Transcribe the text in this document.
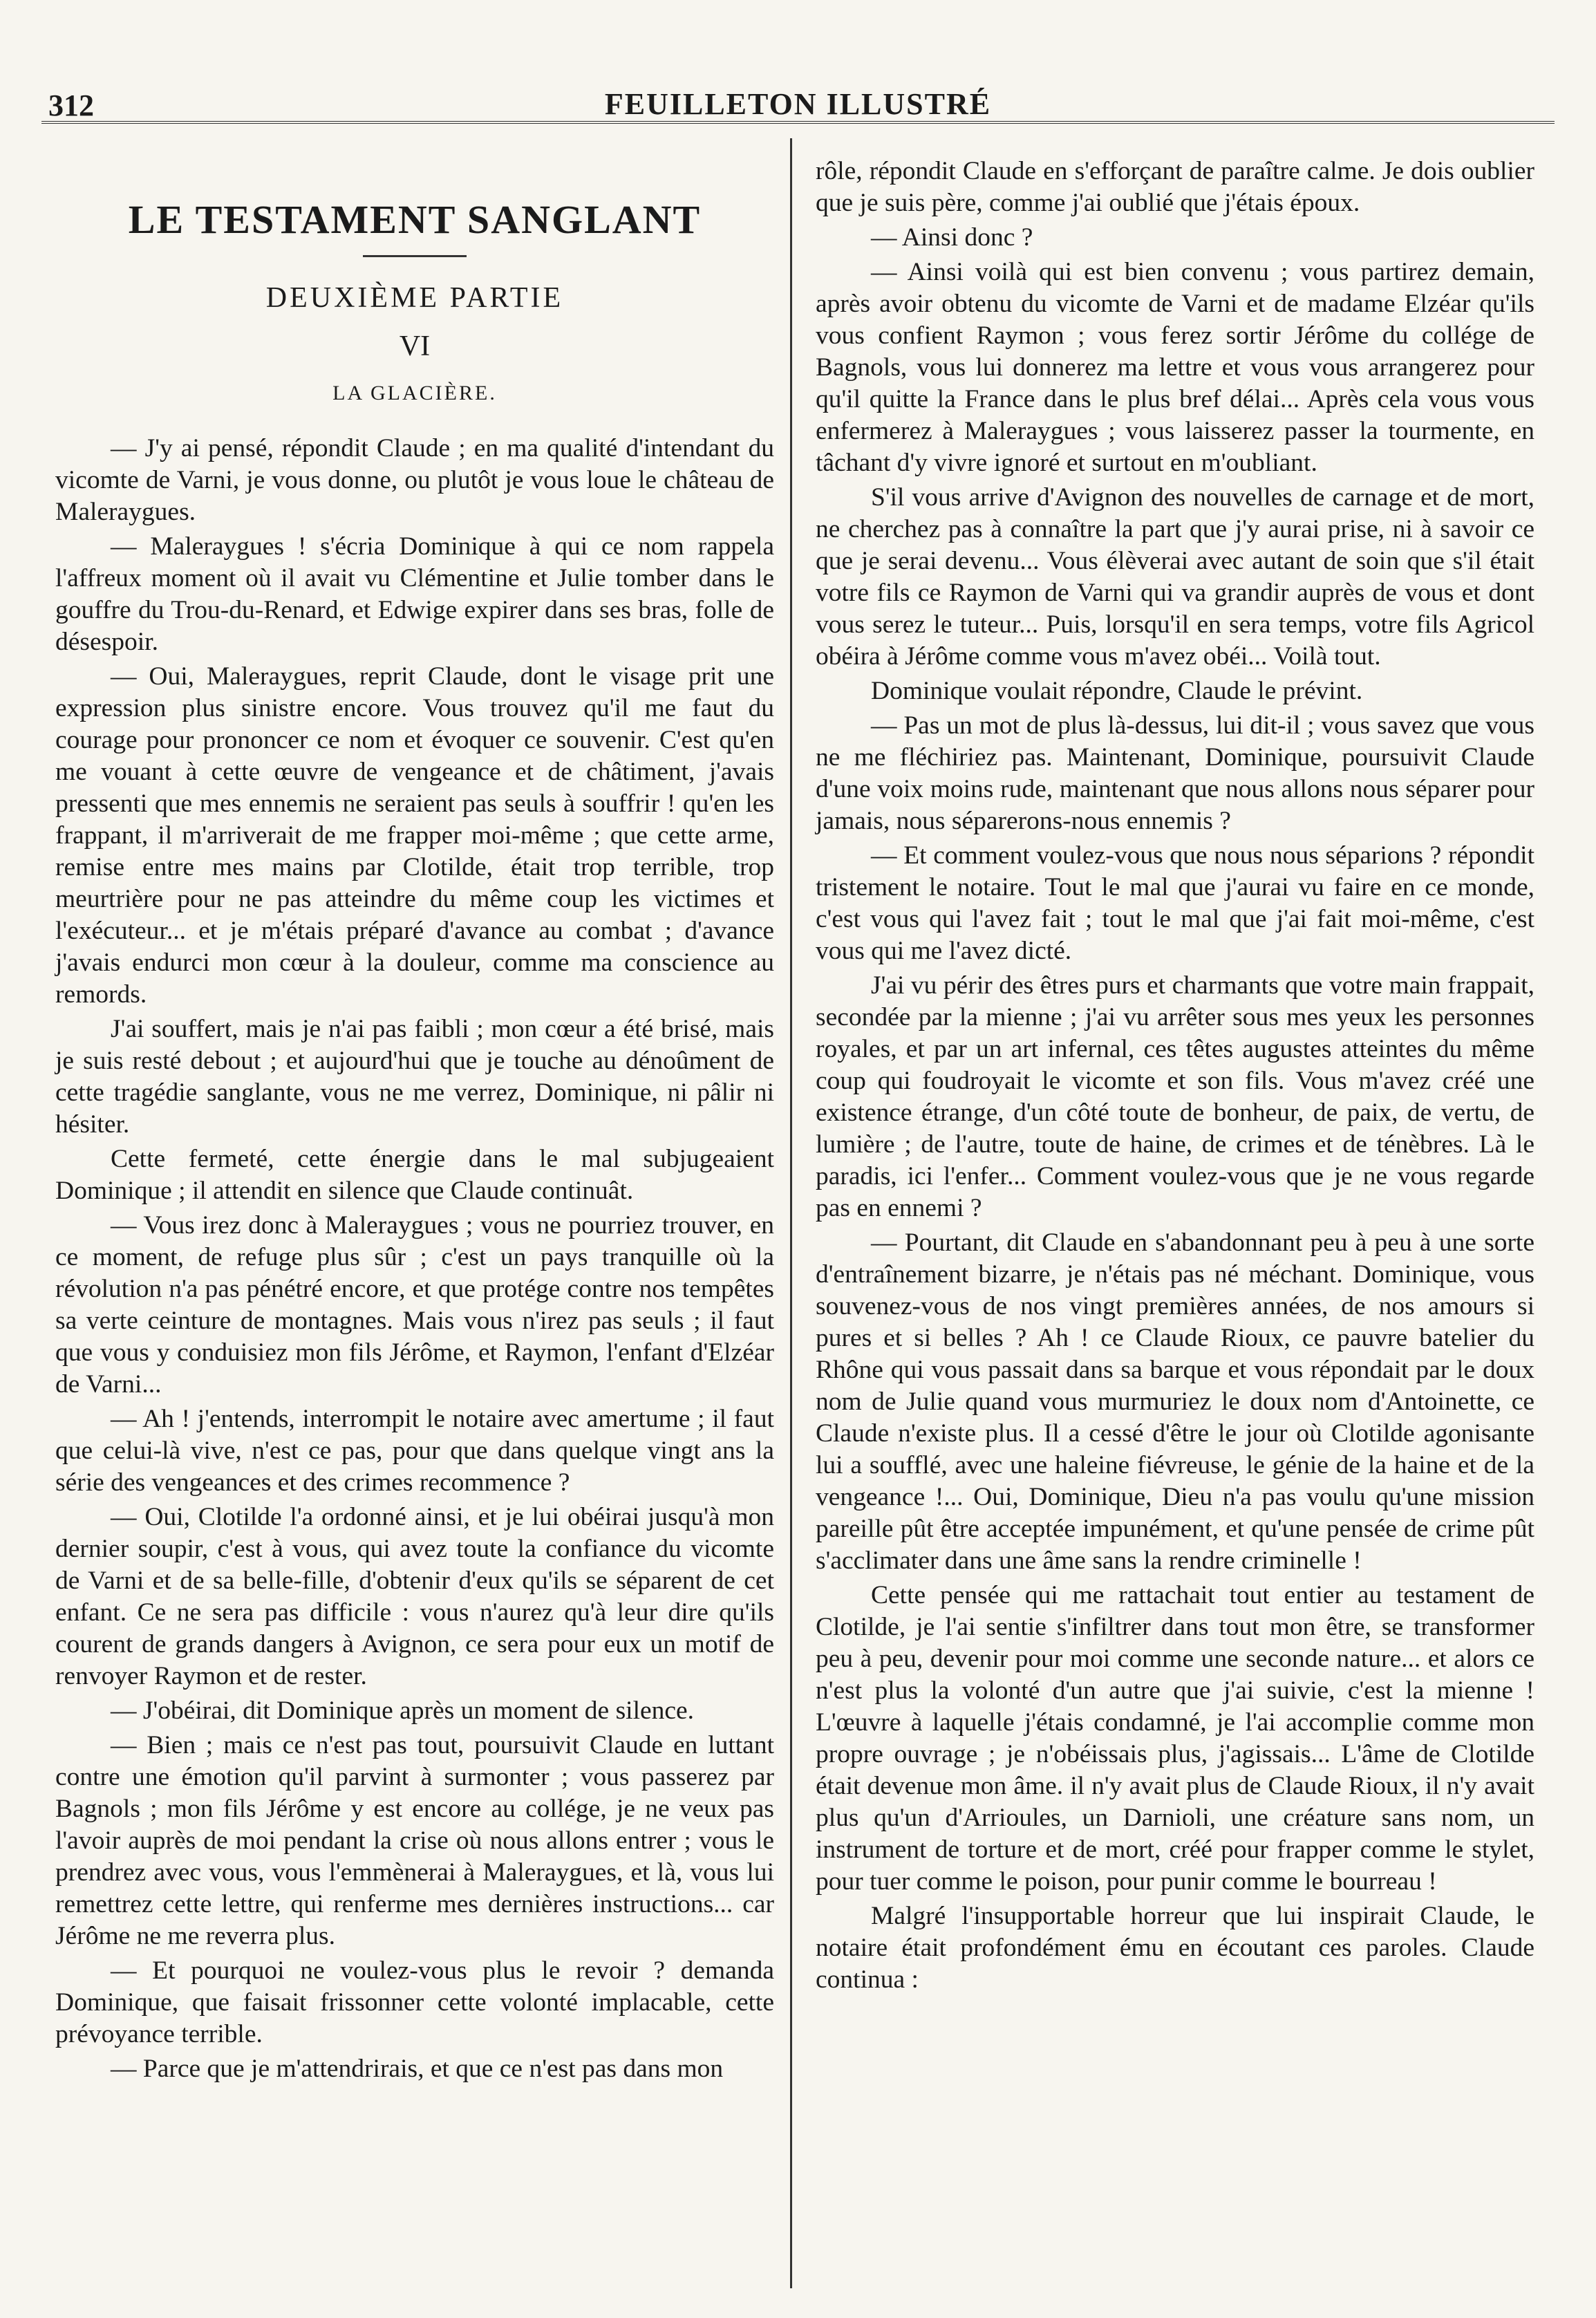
312	FEUILLETON ILLUSTRÉ
LE TESTAMENT SANGLANT
DEUXIÈME PARTIE
VI
LA GLACIÈRE.

— J'y ai pensé, répondit Claude ; en ma qualité d'intendant du vicomte de Varni, je vous donne, ou plutôt je vous loue le château de Maleraygues.

— Maleraygues ! s'écria Dominique à qui ce nom rappela l'affreux moment où il avait vu Clémentine et Julie tomber dans le gouffre du Trou-du-Renard, et Edwige expirer dans ses bras, folle de désespoir.

— Oui, Maleraygues, reprit Claude, dont le visage prit une expression plus sinistre encore. Vous trouvez qu'il me faut du courage pour prononcer ce nom et évoquer ce souvenir. C'est qu'en me vouant à cette œuvre de vengeance et de châtiment, j'avais pressenti que mes ennemis ne seraient pas seuls à souffrir ! qu'en les frappant, il m'arriverait de me frapper moi-même ; que cette arme, remise entre mes mains par Clotilde, était trop terrible, trop meurtrière pour ne pas atteindre du même coup les victimes et l'exécuteur... et je m'étais préparé d'avance au combat ; d'avance j'avais endurci mon cœur à la douleur, comme ma conscience au remords.

J'ai souffert, mais je n'ai pas faibli ; mon cœur a été brisé, mais je suis resté debout ; et aujourd'hui que je touche au dénoûment de cette tragédie sanglante, vous ne me verrez, Dominique, ni pâlir ni hésiter.

Cette fermeté, cette énergie dans le mal subjugeaient Dominique ; il attendit en silence que Claude continuât.

— Vous irez donc à Maleraygues ; vous ne pourriez trouver, en ce moment, de refuge plus sûr ; c'est un pays tranquille où la révolution n'a pas pénétré encore, et que protége contre nos tempêtes sa verte ceinture de montagnes. Mais vous n'irez pas seuls ; il faut que vous y conduisiez mon fils Jérôme, et Raymon, l'enfant d'Elzéar de Varni...

— Ah ! j'entends, interrompit le notaire avec amertume ; il faut que celui-là vive, n'est ce pas, pour que dans quelque vingt ans la série des vengeances et des crimes recommence ?

— Oui, Clotilde l'a ordonné ainsi, et je lui obéirai jusqu'à mon dernier soupir, c'est à vous, qui avez toute la confiance du vicomte de Varni et de sa belle-fille, d'obtenir d'eux qu'ils se séparent de cet enfant. Ce ne sera pas difficile : vous n'aurez qu'à leur dire qu'ils courent de grands dangers à Avignon, ce sera pour eux un motif de renvoyer Raymon et de rester.

— J'obéirai, dit Dominique après un moment de silence.

— Bien ; mais ce n'est pas tout, poursuivit Claude en luttant contre une émotion qu'il parvint à surmonter ; vous passerez par Bagnols ; mon fils Jérôme y est encore au collége, je ne veux pas l'avoir auprès de moi pendant la crise où nous allons entrer ; vous le prendrez avec vous, vous l'emmènerai à Maleraygues, et là, vous lui remettrez cette lettre, qui renferme mes dernières instructions... car Jérôme ne me reverra plus.

— Et pourquoi ne voulez-vous plus le revoir ? demanda Dominique, que faisait frissonner cette volonté implacable, cette prévoyance terrible.

— Parce que je m'attendrirais, et que ce n'est pas dans mon

rôle, répondit Claude en s'efforçant de paraître calme. Je dois oublier que je suis père, comme j'ai oublié que j'étais époux.

— Ainsi donc ?

— Ainsi voilà qui est bien convenu ; vous partirez demain, après avoir obtenu du vicomte de Varni et de madame Elzéar qu'ils vous confient Raymon ; vous ferez sortir Jérôme du collége de Bagnols, vous lui donnerez ma lettre et vous vous arrangerez pour qu'il quitte la France dans le plus bref délai... Après cela vous vous enfermerez à Maleraygues ; vous laisserez passer la tourmente, en tâchant d'y vivre ignoré et surtout en m'oubliant.

S'il vous arrive d'Avignon des nouvelles de carnage et de mort, ne cherchez pas à connaître la part que j'y aurai prise, ni à savoir ce que je serai devenu... Vous élèverai avec autant de soin que s'il était votre fils ce Raymon de Varni qui va grandir auprès de vous et dont vous serez le tuteur... Puis, lorsqu'il en sera temps, votre fils Agricol obéira à Jérôme comme vous m'avez obéi... Voilà tout.

Dominique voulait répondre, Claude le prévint.

— Pas un mot de plus là-dessus, lui dit-il ; vous savez que vous ne me fléchiriez pas. Maintenant, Dominique, poursuivit Claude d'une voix moins rude, maintenant que nous allons nous séparer pour jamais, nous séparerons-nous ennemis ?

— Et comment voulez-vous que nous nous séparions ? répondit tristement le notaire. Tout le mal que j'aurai vu faire en ce monde, c'est vous qui l'avez fait ; tout le mal que j'ai fait moi-même, c'est vous qui me l'avez dicté.

J'ai vu périr des êtres purs et charmants que votre main frappait, secondée par la mienne ; j'ai vu arrêter sous mes yeux les personnes royales, et par un art infernal, ces têtes augustes atteintes du même coup qui foudroyait le vicomte et son fils. Vous m'avez créé une existence étrange, d'un côté toute de bonheur, de paix, de vertu, de lumière ; de l'autre, toute de haine, de crimes et de ténèbres. Là le paradis, ici l'enfer... Comment voulez-vous que je ne vous regarde pas en ennemi ?

— Pourtant, dit Claude en s'abandonnant peu à peu à une sorte d'entraînement bizarre, je n'étais pas né méchant. Dominique, vous souvenez-vous de nos vingt premières années, de nos amours si pures et si belles ? Ah ! ce Claude Rioux, ce pauvre batelier du Rhône qui vous passait dans sa barque et vous répondait par le doux nom de Julie quand vous murmuriez le doux nom d'Antoinette, ce Claude n'existe plus. Il a cessé d'être le jour où Clotilde agonisante lui a soufflé, avec une haleine fiévreuse, le génie de la haine et de la vengeance !... Oui, Dominique, Dieu n'a pas voulu qu'une mission pareille pût être acceptée impunément, et qu'une pensée de crime pût s'acclimater dans une âme sans la rendre criminelle !

Cette pensée qui me rattachait tout entier au testament de Clotilde, je l'ai sentie s'infiltrer dans tout mon être, se transformer peu à peu, devenir pour moi comme une seconde nature... et alors ce n'est plus la volonté d'un autre que j'ai suivie, c'est la mienne ! L'œuvre à laquelle j'étais condamné, je l'ai accomplie comme mon propre ouvrage ; je n'obéissais plus, j'agissais... L'âme de Clotilde était devenue mon âme. il n'y avait plus de Claude Rioux, il n'y avait plus qu'un d'Arrioules, un Darnioli, une créature sans nom, un instrument de torture et de mort, créé pour frapper comme le stylet, pour tuer comme le poison, pour punir comme le bourreau !

Malgré l'insupportable horreur que lui inspirait Claude, le notaire était profondément ému en écoutant ces paroles. Claude continua :
